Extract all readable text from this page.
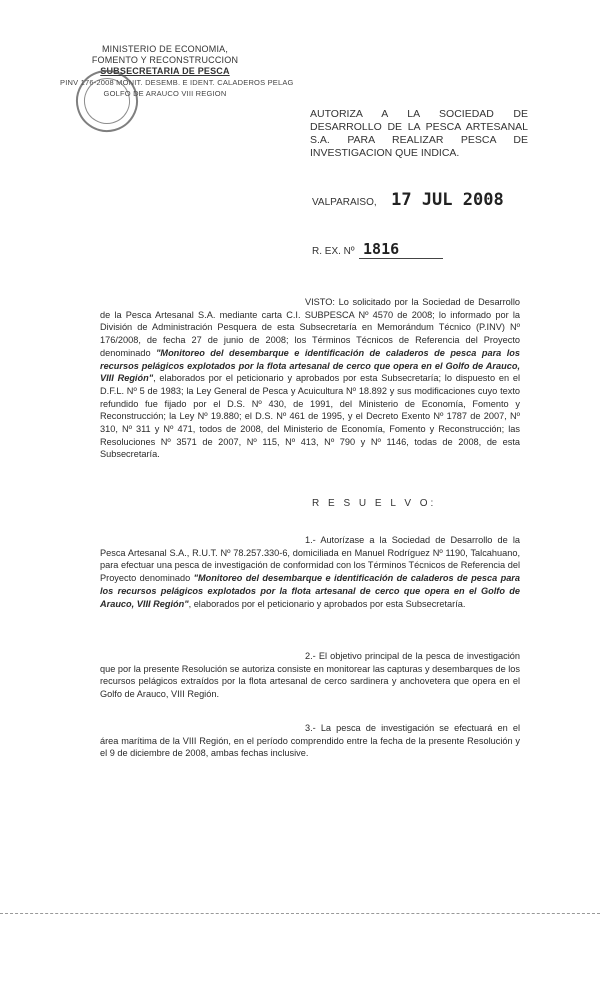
MINISTERIO DE ECONOMIA,
FOMENTO Y RECONSTRUCCION
SUBSECRETARIA DE PESCA
PINV 176-2008 MONIT. DESEMB. E IDENT. CALADEROS PELAG
GOLFO DE ARAUCO VIII REGION
AUTORIZA A LA SOCIEDAD DE DESARROLLO DE LA PESCA ARTESANAL S.A. PARA REALIZAR PESCA DE INVESTIGACION QUE INDICA.
VALPARAISO, 17 JUL 2008
R. EX. Nº 1816
VISTO: Lo solicitado por la Sociedad de Desarrollo de la Pesca Artesanal S.A. mediante carta C.I. SUBPESCA Nº 4570 de 2008; lo informado por la División de Administración Pesquera de esta Subsecretaría en Memorándum Técnico (P.INV) Nº 176/2008, de fecha 27 de junio de 2008; los Términos Técnicos de Referencia del Proyecto denominado "Monitoreo del desembarque e identificación de caladeros de pesca para los recursos pelágicos explotados por la flota artesanal de cerco que opera en el Golfo de Arauco, VIII Región", elaborados por el peticionario y aprobados por esta Subsecretaría; lo dispuesto en el D.F.L. Nº 5 de 1983; la Ley General de Pesca y Acuicultura Nº 18.892 y sus modificaciones cuyo texto refundido fue fijado por el D.S. Nº 430, de 1991, del Ministerio de Economía, Fomento y Reconstrucción; la Ley Nº 19.880; el D.S. Nº 461 de 1995, y el Decreto Exento Nº 1787 de 2007, Nº 310, Nº 311 y Nº 471, todos de 2008, del Ministerio de Economía, Fomento y Reconstrucción; las Resoluciones Nº 3571 de 2007, Nº 115, Nº 413, Nº 790 y Nº 1146, todas de 2008, de esta Subsecretaría.
R E S U E L V O:
1.- Autorízase a la Sociedad de Desarrollo de la Pesca Artesanal S.A., R.U.T. Nº 78.257.330-6, domiciliada en Manuel Rodríguez Nº 1190, Talcahuano, para efectuar una pesca de investigación de conformidad con los Términos Técnicos de Referencia del Proyecto denominado "Monitoreo del desembarque e identificación de caladeros de pesca para los recursos pelágicos explotados por la flota artesanal de cerco que opera en el Golfo de Arauco, VIII Región", elaborados por el peticionario y aprobados por esta Subsecretaría.
2.- El objetivo principal de la pesca de investigación que por la presente Resolución se autoriza consiste en monitorear las capturas y desembarques de los recursos pelágicos extraídos por la flota artesanal de cerco sardinera y anchovetera que opera en el Golfo de Arauco, VIII Región.
3.- La pesca de investigación se efectuará en el área marítima de la VIII Región, en el período comprendido entre la fecha de la presente Resolución y el 9 de diciembre de 2008, ambas fechas inclusive.
